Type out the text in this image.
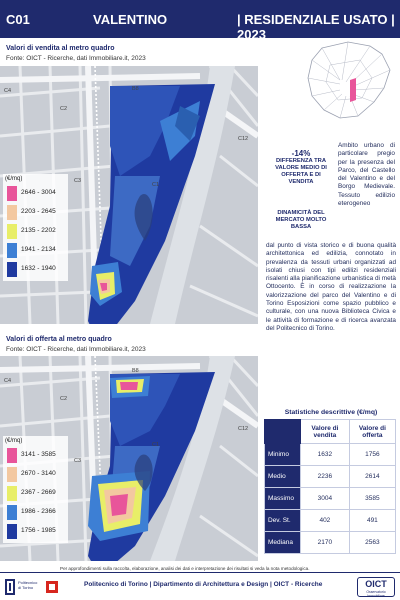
C01	VALENTINO	| RESIDENZIALE USATO | 2023
Valori di vendita al metro quadro
Fonte: OICT - Ricerche, dati Immobiliare.it, 2023
C4
C2
C3
B8
C12
C1
(€/mq)
2646 - 3004
2203 - 2645
2135 - 2202
1941 - 2134
1632 - 1940
Valori di offerta al metro quadro
Fonte: OICT - Ricerche, dati Immobiliare.it, 2023
C4
C2
C3
B8
C12
C1
(€/mq)
3141 - 3585
2670 - 3140
2367 - 2669
1986 - 2366
1756 - 1985
-14%
DIFFERENZA TRA VALORE MEDIO DI OFFERTA E DI VENDITA
DINAMICITÀ DEL MERCATO MOLTO BASSA
Ambito urbano di particolare pregio per la presenza del Parco, del Castello del Valentino e del Borgo Medievale. Tessuto edilizio eterogeneo
dal punto di vista storico e di buona qualità architettonica ed edilizia, connotato in prevalenza da tessuti urbani organizzati ad isolati chiusi con tipi edilizi residenziali risalenti alla pianificazione urbanistica di metà Ottocento. È in corso di realizzazione la valorizzazione del parco del Valentino e di Torino Esposizioni come spazio pubblico e culturale, con una nuova Biblioteca Civica e le attività di formazione e di ricerca avanzata del Politecnico di Torino.
Statistiche descrittive (€/mq)
	Valore di vendita	Valore di offerta
Minimo	1632	1756
Medio	2236	2614
Massimo	3004	3585
Dev. St.	402	491
Mediana	2170	2563
Per approfondimenti sulla raccolta, elaborazione, analisi dei dati e interpretazione dei risultati si veda la nota metodologica.
Politecnico
di Torino	Politecnico di Torino | Dipartimento di Architettura e Design | OICT - Ricerche	OICT
Osservatorio Immobiliare
